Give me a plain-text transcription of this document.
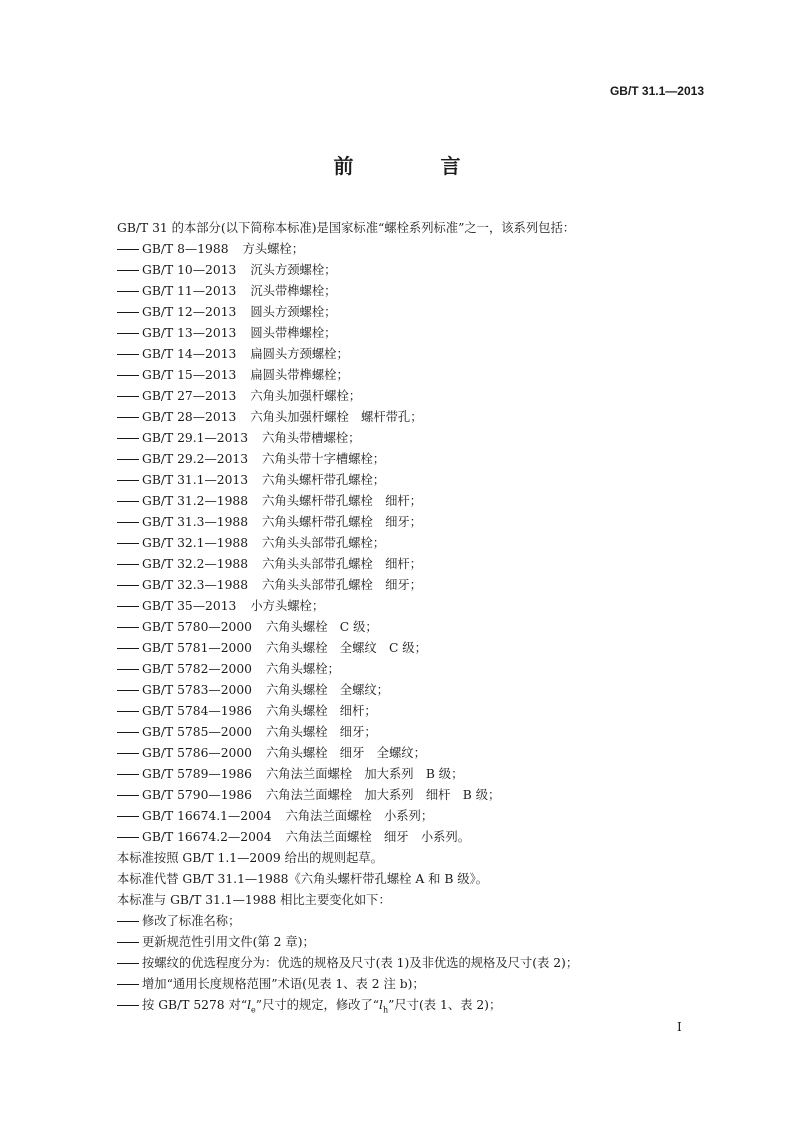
GB/T 31.1—2013
前 言
GB/T 31 的本部分(以下简称本标准)是国家标准“螺栓系列标准”之一，该系列包括：
GB/T 8—1988 方头螺栓；
GB/T 10—2013 沉头方颈螺栓；
GB/T 11—2013 沉头带榫螺栓；
GB/T 12—2013 圆头方颈螺栓；
GB/T 13—2013 圆头带榫螺栓；
GB/T 14—2013 扁圆头方颈螺栓；
GB/T 15—2013 扁圆头带榫螺栓；
GB/T 27—2013 六角头加强杆螺栓；
GB/T 28—2013 六角头加强杆螺栓　螺杆带孔；
GB/T 29.1—2013 六角头带槽螺栓；
GB/T 29.2—2013 六角头带十字槽螺栓；
GB/T 31.1—2013 六角头螺杆带孔螺栓；
GB/T 31.2—1988 六角头螺杆带孔螺栓　细杆；
GB/T 31.3—1988 六角头螺杆带孔螺栓　细牙；
GB/T 32.1—1988 六角头头部带孔螺栓；
GB/T 32.2—1988 六角头头部带孔螺栓　细杆；
GB/T 32.3—1988 六角头头部带孔螺栓　细牙；
GB/T 35—2013 小方头螺栓；
GB/T 5780—2000 六角头螺栓　C 级；
GB/T 5781—2000 六角头螺栓　全螺纹　C 级；
GB/T 5782—2000 六角头螺栓；
GB/T 5783—2000 六角头螺栓　全螺纹；
GB/T 5784—1986 六角头螺栓　细杆；
GB/T 5785—2000 六角头螺栓　细牙；
GB/T 5786—2000 六角头螺栓　细牙　全螺纹；
GB/T 5789—1986 六角法兰面螺栓　加大系列　B 级；
GB/T 5790—1986 六角法兰面螺栓　加大系列　细杆　B 级；
GB/T 16674.1—2004 六角法兰面螺栓　小系列；
GB/T 16674.2—2004 六角法兰面螺栓　细牙　小系列。
本标准按照 GB/T 1.1—2009 给出的规则起草。
本标准代替 GB/T 31.1—1988《六角头螺杆带孔螺栓 A 和 B 级》。
本标准与 GB/T 31.1—1988 相比主要变化如下：
修改了标准名称；
更新规范性引用文件(第 2 章)；
按螺纹的优选程度分为：优选的规格及尺寸(表 1)及非优选的规格及尺寸(表 2)；
增加“通用长度规格范围”术语(见表 1、表 2 注 b)；
按 GB/T 5278 对“$l_e$”尺寸的规定，修改了“$l_h$”尺寸(表 1、表 2)；
I
